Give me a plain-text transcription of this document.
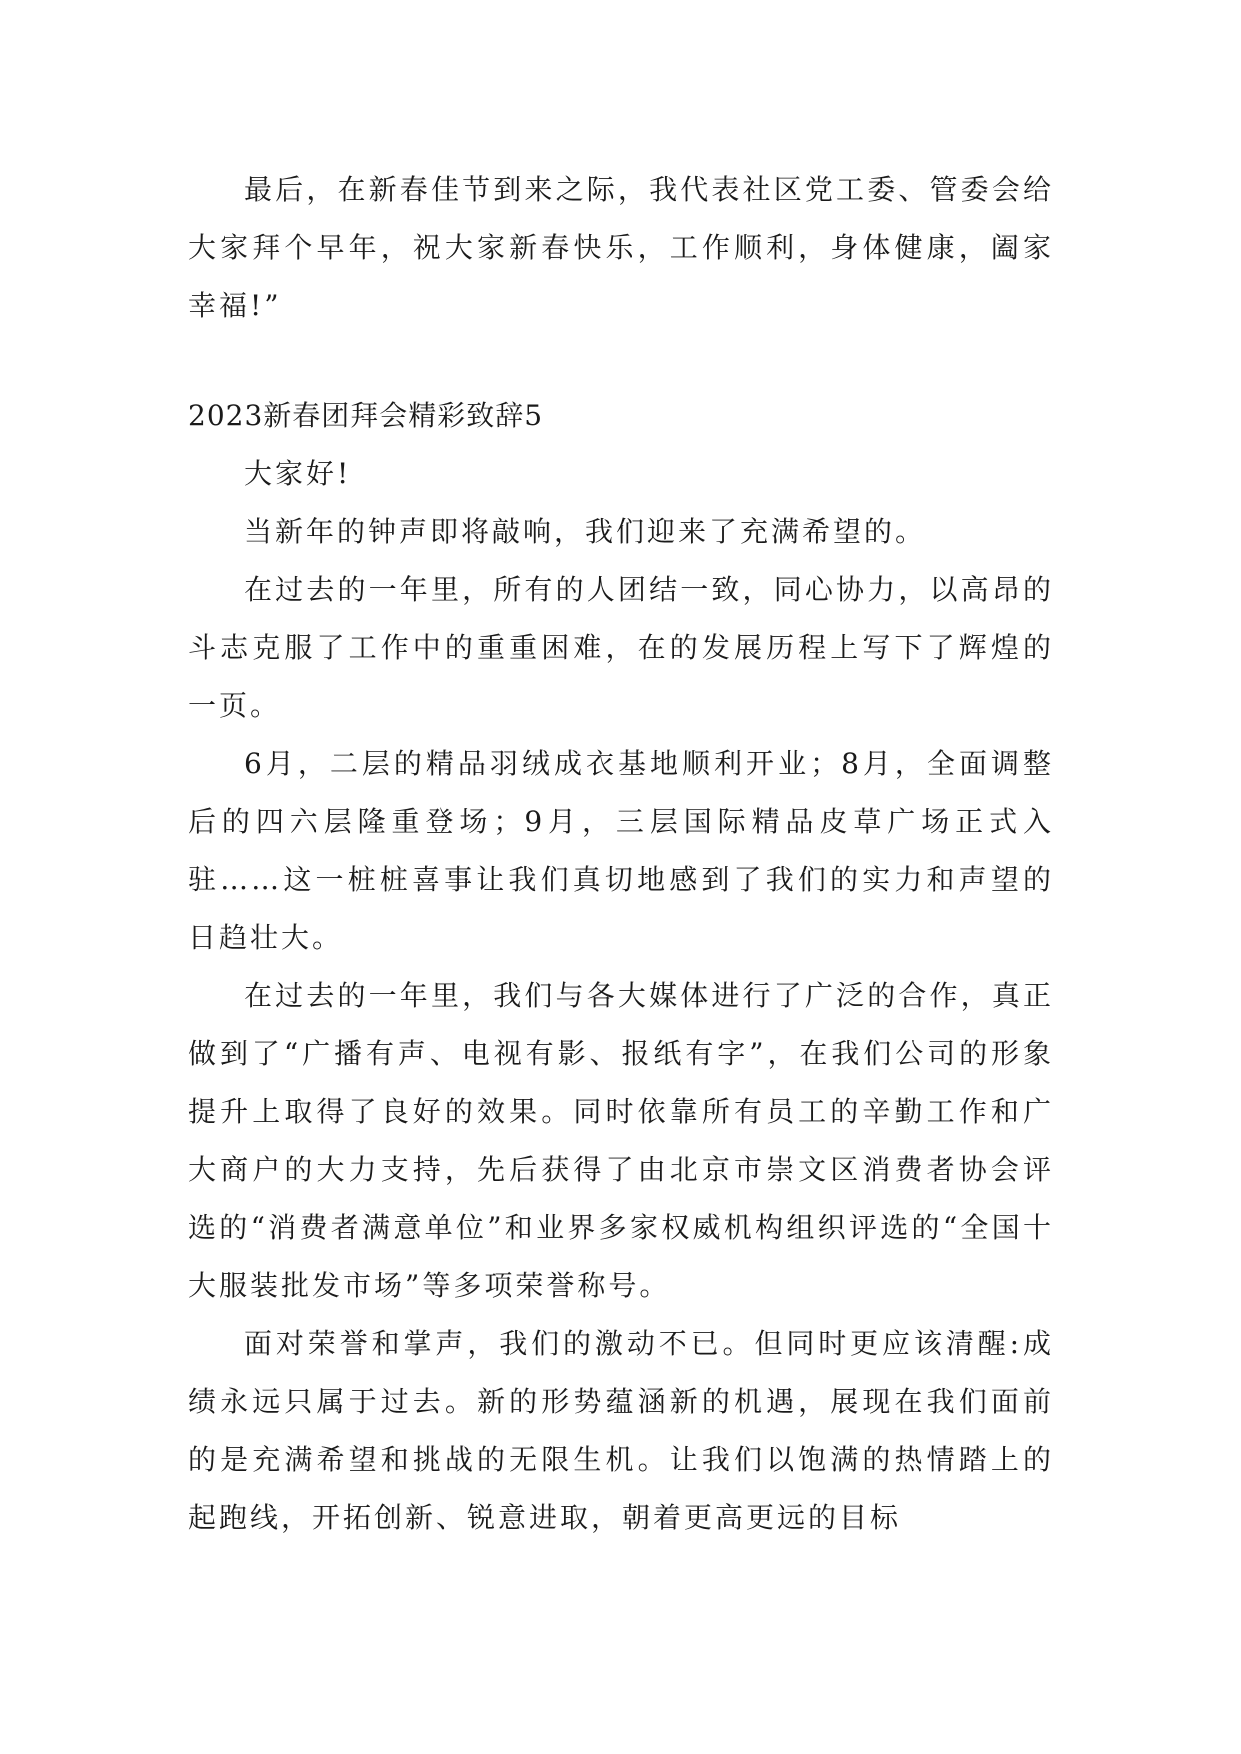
最后，在新春佳节到来之际，我代表社区党工委、管委会给大家拜个早年，祝大家新春快乐，工作顺利，身体健康，阖家幸福!”

2023新春团拜会精彩致辞5

大家好!

当新年的钟声即将敲响，我们迎来了充满希望的。

在过去的一年里，所有的人团结一致，同心协力，以高昂的斗志克服了工作中的重重困难，在的发展历程上写下了辉煌的一页。

6月，二层的精品羽绒成衣基地顺利开业；8月，全面调整后的四六层隆重登场；9月，三层国际精品皮草广场正式入驻……这一桩桩喜事让我们真切地感到了我们的实力和声望的日趋壮大。

在过去的一年里，我们与各大媒体进行了广泛的合作，真正做到了“广播有声、电视有影、报纸有字”，在我们公司的形象提升上取得了良好的效果。同时依靠所有员工的辛勤工作和广大商户的大力支持，先后获得了由北京市崇文区消费者协会评选的“消费者满意单位”和业界多家权威机构组织评选的“全国十大服装批发市场”等多项荣誉称号。

面对荣誉和掌声，我们的激动不已。但同时更应该清醒:成绩永远只属于过去。新的形势蕴涵新的机遇，展现在我们面前的是充满希望和挑战的无限生机。让我们以饱满的热情踏上的起跑线，开拓创新、锐意进取，朝着更高更远的目标
